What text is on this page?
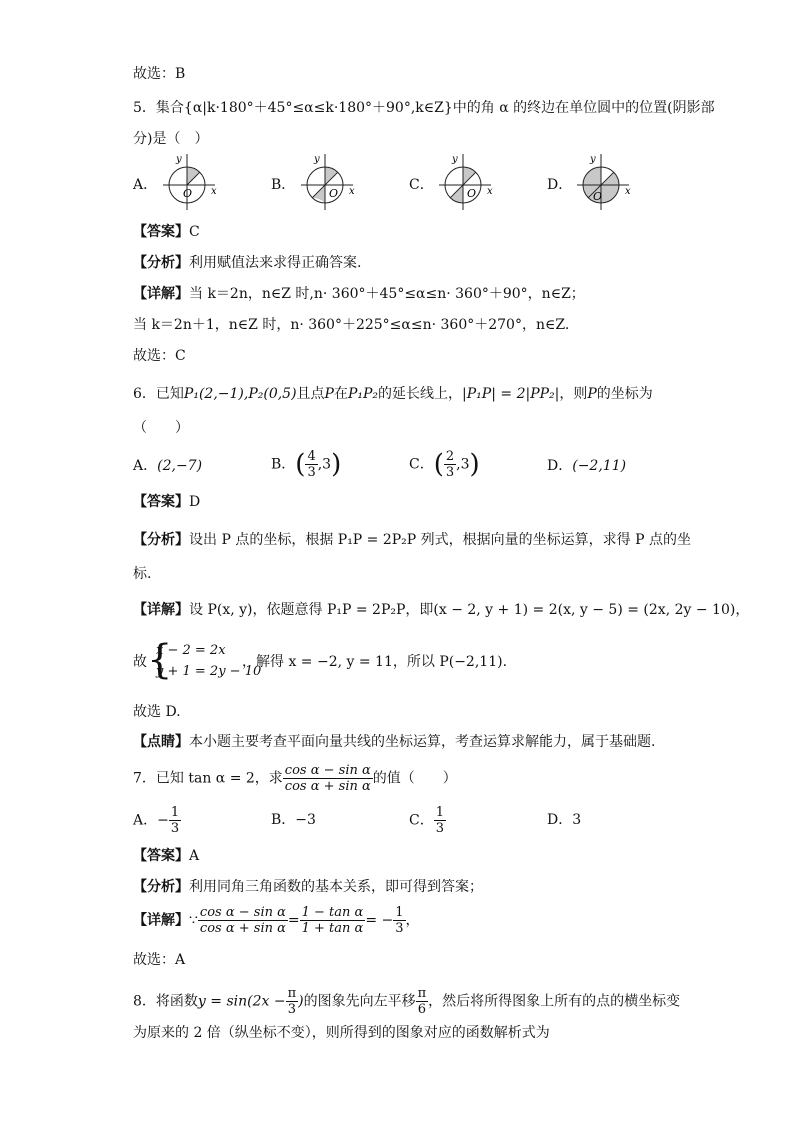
故选：B
5．集合{α|k·180°＋45°≤α≤k·180°＋90°,k∈Z}中的角 α 的终边在单位圆中的位置(阴影部
分)是（　）
A．	B．	C．	D．
y
x
O
y
x
O
y
x
O
y
x
O
【答案】C
【分析】利用赋值法来求得正确答案.
【详解】当 k＝2n，n∈Z 时,n· 360°＋45°≤α≤n· 360°＋90°，n∈Z；
当 k＝2n＋1，n∈Z 时，n· 360°＋225°≤α≤n· 360°＋270°，n∈Z.
故选：C
6．已知P₁(2,−1),P₂(0,5)且点P在P₁P₂的延长线上，|P₁P| = 2|PP₂|，则P的坐标为
（　　）
A．(2,−7)	B．( $\frac{4}{3} ,3$)	C．( $\frac{2}{3} ,3$)	D．(−2,11)
【答案】D
【分析】设出 P 点的坐标，根据 P₁P = 2P₂P 列式，根据向量的坐标运算，求得 P 点的坐
标.
【详解】设 P(x, y)，依题意得 P₁P = 2P₂P，即(x − 2, y + 1) = 2(x, y − 5) = (2x, 2y − 10)，
故 {
x − 2 = 2x
y + 1 = 2y − 10
，解得 x = −2, y = 11，所以 P(−2,11).
故选 D.
【点睛】本小题主要考查平面向量共线的坐标运算，考查运算求解能力，属于基础题.
7．已知 tan α = 2，求 $\frac{\text{cos α − sin α}}{\text{cos α + sin α}}$ 的值（　　）
A．− $\frac{1}{3}$	B．−3	C． $\frac{1}{3}$	D．3
【答案】A
【分析】利用同角三角函数的基本关系，即可得到答案；
【详解】∵ $\frac{\text{cos α − sin α}}{\text{cos α + sin α}} = \frac{\text{1 − tan α}}{\text{1 + tan α}}$ = − $\frac{1}{3}$ ，
故选：A
8．将函数$y = \sin(2x - \frac{\pi}{3}$ )的图象先向左平移 $\frac{\pi}{6}$ ，然后将所得图象上所有的点的横坐标变
为原来的 2 倍（纵坐标不变），则所得到的图象对应的函数解析式为
